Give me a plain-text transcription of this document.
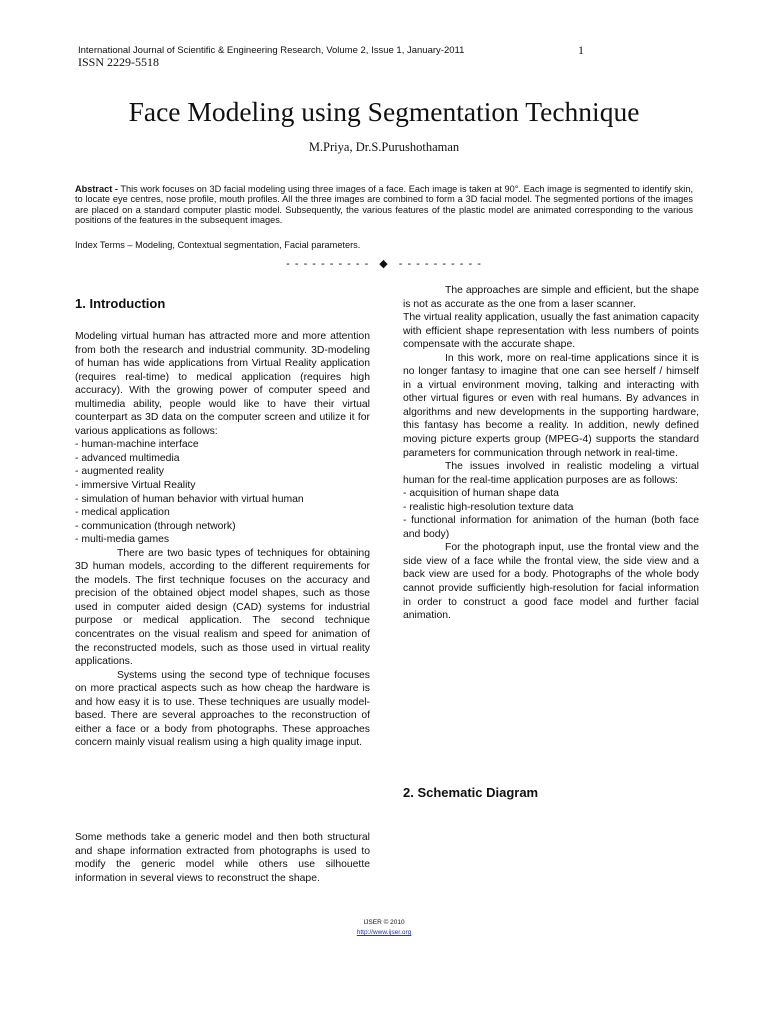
International Journal of Scientific & Engineering Research, Volume 2, Issue 1, January-2011	1
ISSN 2229-5518
Face Modeling using Segmentation Technique
M.Priya, Dr.S.Purushothaman
Abstract - This work focuses on 3D facial modeling using three images of a face. Each image is taken at 90°. Each image is segmented to identify skin, to locate eye centres, nose profile, mouth profiles. All the three images are combined to form a 3D facial model. The segmented portions of the images are placed on a standard computer plastic model. Subsequently, the various features of the plastic model are animated corresponding to the various positions of the features in the subsequent images.
Index Terms – Modeling, Contextual segmentation, Facial parameters.
- - - - - - - - - - ◆ - - - - - - - - - -
1. Introduction

Modeling virtual human has attracted more and more attention from both the research and industrial community. 3D-modeling of human has wide applications from Virtual Reality application (requires real-time) to medical application (requires high accuracy). With the growing power of computer speed and multimedia ability, people would like to have their virtual counterpart as 3D data on the computer screen and utilize it for various applications as follows:

- human-machine interface
- advanced multimedia
- augmented reality
- immersive Virtual Reality
- simulation of human behavior with virtual human
- medical application
- communication (through network)
- multi-media games

There are two basic types of techniques for obtaining 3D human models, according to the different requirements for the models. The first technique focuses on the accuracy and precision of the obtained object model shapes, such as those used in computer aided design (CAD) systems for industrial purpose or medical application. The second technique concentrates on the visual realism and speed for animation of the reconstructed models, such as those used in virtual reality applications.

Systems using the second type of technique focuses on more practical aspects such as how cheap the hardware is and how easy it is to use. These techniques are usually model-based. There are several approaches to the reconstruction of either a face or a body from photographs. These approaches concern mainly visual realism using a high quality image input.

Some methods take a generic model and then both structural and shape information extracted from photographs is used to modify the generic model while others use silhouette information in several views to reconstruct the shape.

The approaches are simple and efficient, but the shape is not as accurate as the one from a laser scanner.

The virtual reality application, usually the fast animation capacity with efficient shape representation with less numbers of points compensate with the accurate shape.

In this work, more on real-time applications since it is no longer fantasy to imagine that one can see herself / himself in a virtual environment moving, talking and interacting with other virtual figures or even with real humans. By advances in algorithms and new developments in the supporting hardware, this fantasy has become a reality. In addition, newly defined moving picture experts group (MPEG-4) supports the standard parameters for communication through network in real-time.

The issues involved in realistic modeling a virtual human for the real-time application purposes are as follows:

- acquisition of human shape data
- realistic high-resolution texture data
- functional information for animation of the human (both face and body)

For the photograph input, use the frontal view and the side view of a face while the frontal view, the side view and a back view are used for a body. Photographs of the whole body cannot provide sufficiently high-resolution for facial information in order to construct a good face model and further facial animation.

2. Schematic Diagram
IJSER © 2010
http://www.ijser.org
